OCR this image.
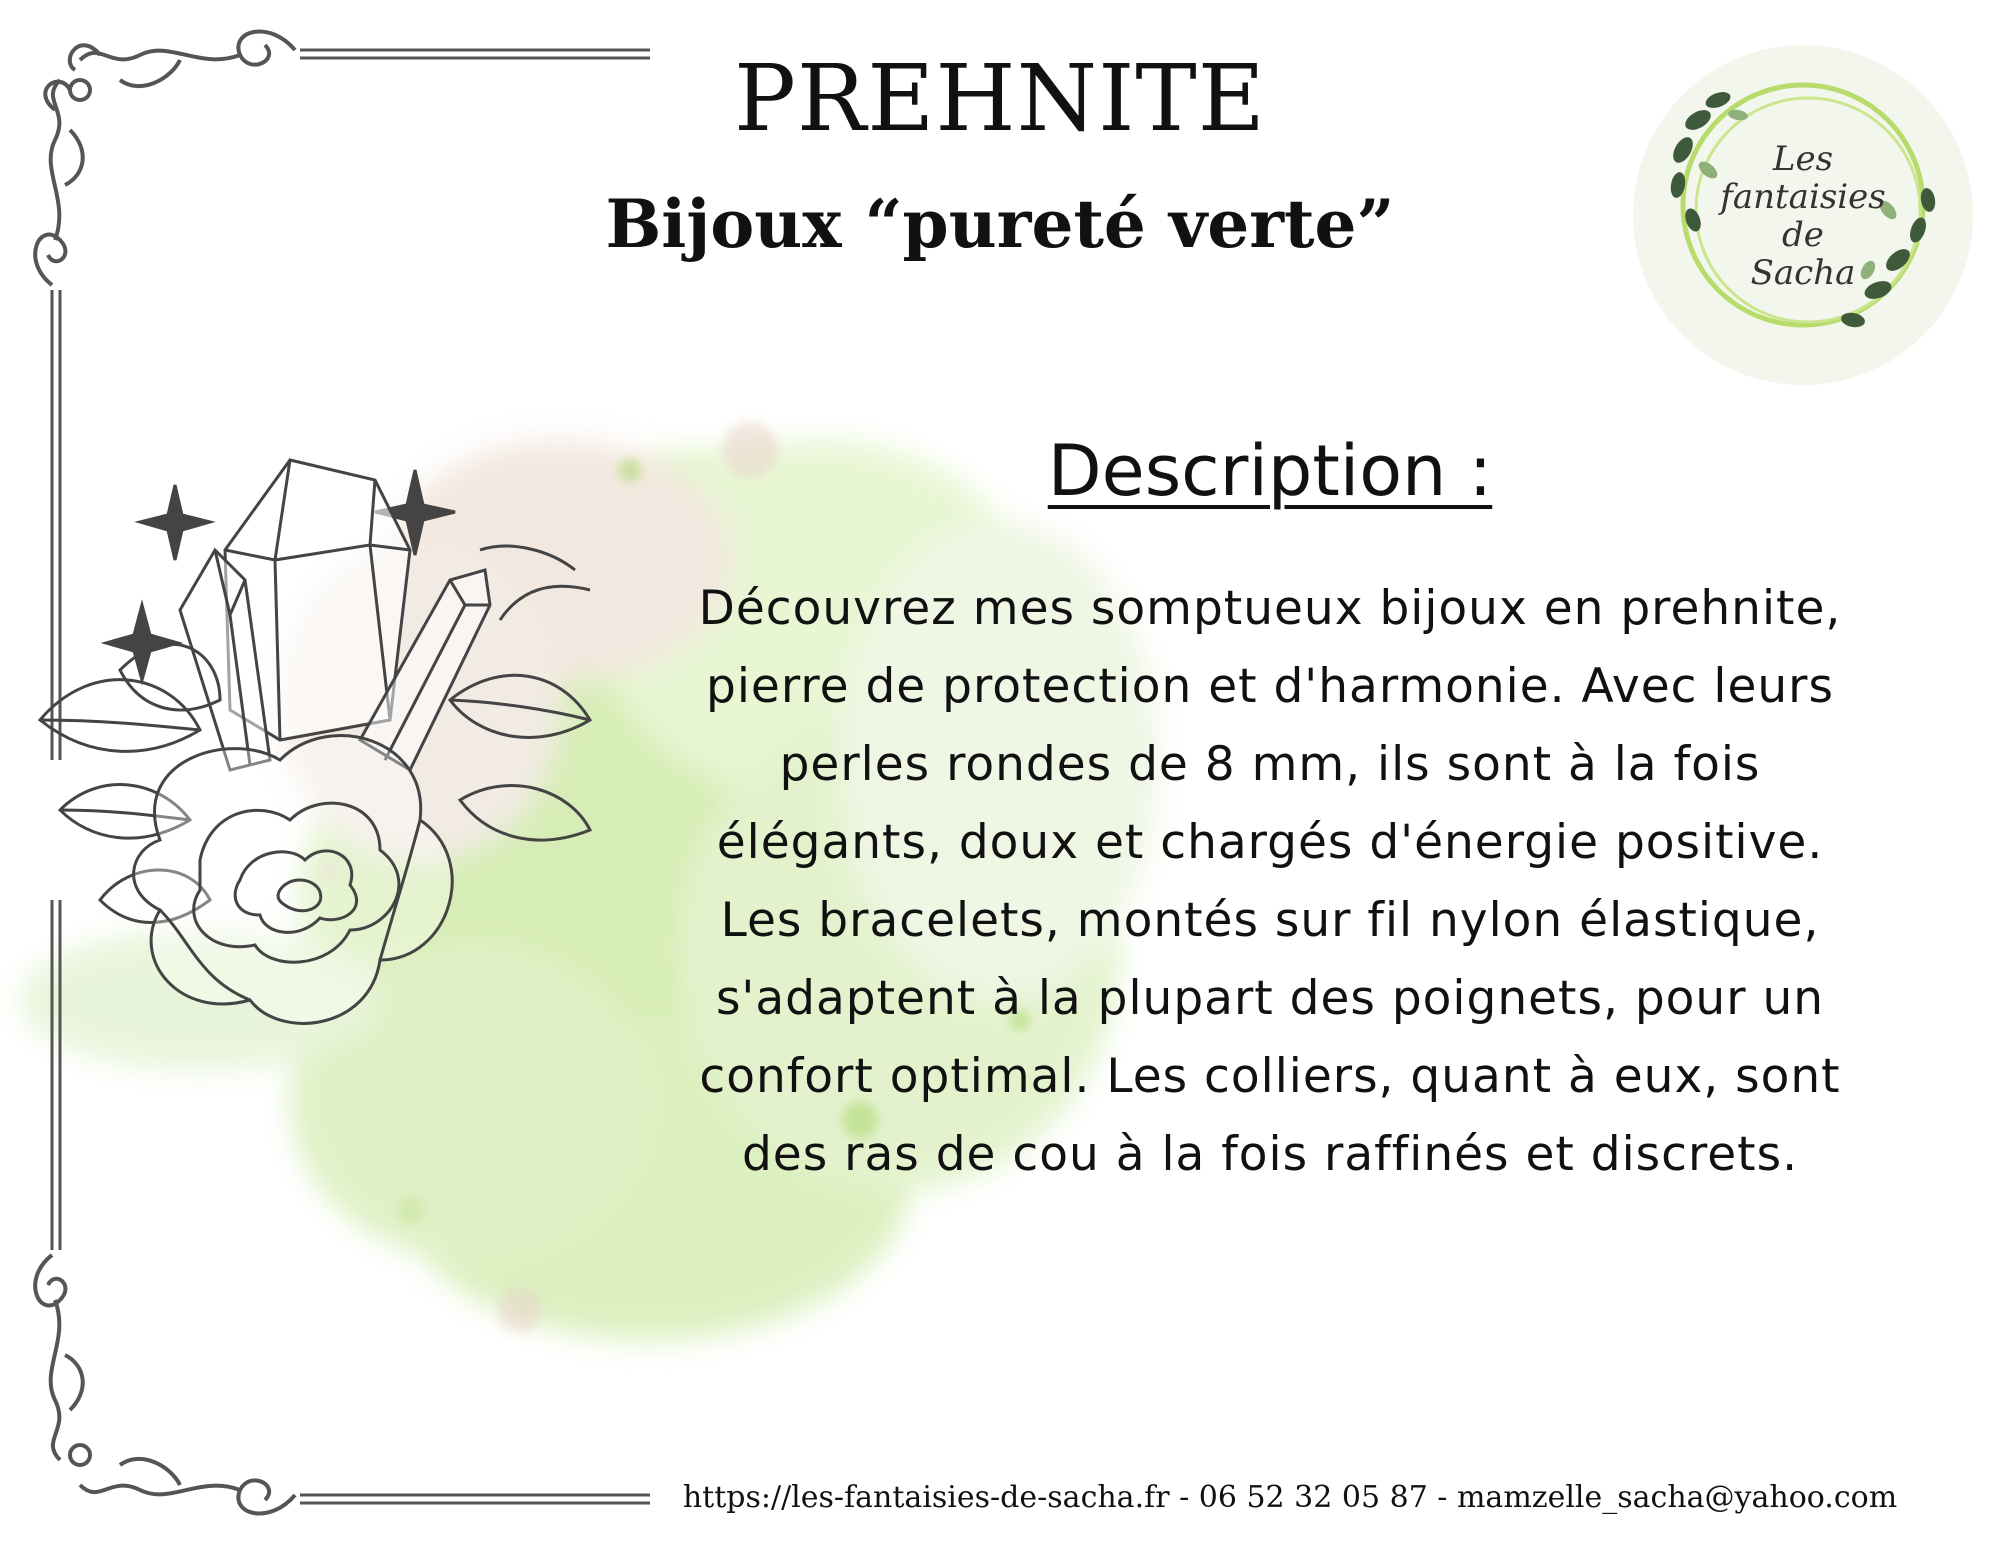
PREHNITE
Bijoux “pureté verte”
Les
fantaisies
de
Sacha
Description :

Découvrez mes somptueux bijoux en prehnite,
pierre de protection et d'harmonie. Avec leurs
perles rondes de 8 mm, ils sont à la fois
élégants, doux et chargés d'énergie positive.
Les bracelets, montés sur fil nylon élastique,
s'adaptent à la plupart des poignets, pour un
confort optimal. Les colliers, quant à eux, sont
des ras de cou à la fois raffinés et discrets.

https://les-fantaisies-de-sacha.fr - 06 52 32 05 87 - mamzelle_sacha@yahoo.com
